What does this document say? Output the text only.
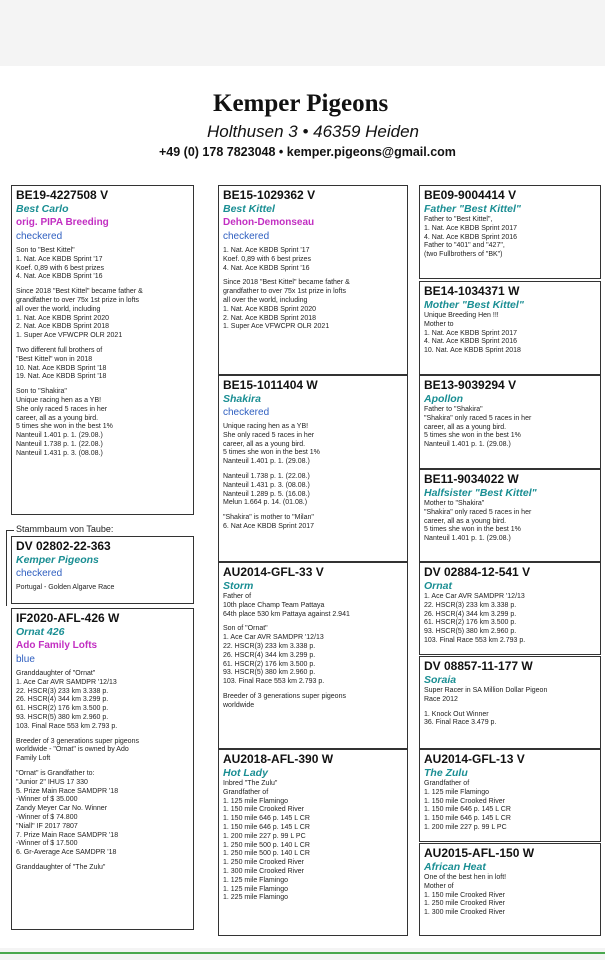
Kemper Pigeons
Holthusen 3 • 46359 Heiden
+49 (0) 178 7823048 • kemper.pigeons@gmail.com
BE19-4227508 V
Best Carlo
orig. PIPA Breeding
checkered
Son to "Best Kittel"
1. Nat. Ace KBDB Sprint '17
Koef. 0,89 with 6 best prizes
4. Nat. Ace KBDB Sprint '16
Since 2018 "Best Kittel" became father &
grandfather to over 75x 1st prize in lofts
all over the world, including
1. Nat. Ace KBDB Sprint 2020
2. Nat. Ace KBDB Sprint 2018
1. Super Ace VFWCPR OLR 2021
Two different full brothers of
"Best Kittel" won in 2018
10. Nat. Ace KBDB Sprint '18
19. Nat. Ace KBDB Sprint '18
Son to "Shakira"
Unique racing hen as a YB!
She only raced 5 races in her
career, all as a young bird.
5 times she won in the best 1%
Nanteuil 1.401 p. 1. (29.08.)
Nanteuil 1.738 p. 1. (22.08.)
Nanteuil 1.431 p. 3. (08.08.)
Stammbaum von Taube:
DV 02802-22-363
Kemper Pigeons
checkered
Portugal - Golden Algarve Race
IF2020-AFL-426 W
Ornat 426
Ado Family Lofts
blue
Granddaughter of "Ornat"
1. Ace Car AVR SAMDPR '12/13
22. HSCR(3) 233 km 3.338 p.
26. HSCR(4) 344 km 3.299 p.
61. HSCR(2) 176 km 3.500 p.
93. HSCR(5) 380 km 2.960 p.
103. Final Race 553 km 2.793 p.
Breeder of 3 generations super pigeons
worldwide - "Ornat" is owned by Ado
Family Loft
"Ornat" is Grandfather to:
"Junior 2" IHUS 17 330
5. Prize Main Race SAMDPR '18
-Winner of $ 35.000
Zandy Meyer Car No. Winner
-Winner of $ 74.800
"Niall" IF 2017 7807
7. Prize Main Race SAMDPR '18
-Winner of $ 17.500
6. Gr-Average Ace SAMDPR '18
Granddaughter of "The Zulu"
BE15-1029362 V
Best Kittel
Dehon-Demonseau
checkered
1. Nat. Ace KBDB Sprint '17
Koef. 0,89 with 6 best prizes
4. Nat. Ace KBDB Sprint '16
Since 2018 "Best Kittel" became father &
grandfather to over 75x 1st prize in lofts
all over the world, including
1. Nat. Ace KBDB Sprint 2020
2. Nat. Ace KBDB Sprint 2018
1. Super Ace VFWCPR OLR 2021
BE15-1011404 W
Shakira
checkered
Unique racing hen as a YB!
She only raced 5 races in her
career, all as a young bird.
5 times she won in the best 1%
Nanteuil 1.401 p. 1. (29.08.)
Nanteuil 1.738 p. 1. (22.08.)
Nanteuil 1.431 p. 3. (08.08.)
Nanteuil 1.289 p. 5. (16.08.)
Melun 1.664 p. 14. (01.08.)
"Shakira" is mother to "Milan"
6. Nat Ace KBDB Sprint 2017
AU2014-GFL-33 V
Storm
Father of
10th place Champ Team Pattaya
64th place 530 km Pattaya against 2.941
Son of "Ornat"
1. Ace Car AVR SAMDPR '12/13
22. HSCR(3) 233 km 3.338 p.
26. HSCR(4) 344 km 3.299 p.
61. HSCR(2) 176 km 3.500 p.
93. HSCR(5) 380 km 2.960 p.
103. Final Race 553 km 2.793 p.
Breeder of 3 generations super pigeons
worldwide
AU2018-AFL-390 W
Hot Lady
Inbred "The Zulu"
Grandfather of
1. 125 mile Flamingo
1. 150 mile Crooked River
1. 150 mile 646 p. 145 L CR
1. 150 mile 646 p. 145 L CR
1. 200 mile 227 p. 99 L PC
1. 250 mile 500 p. 140 L CR
1. 250 mile 500 p. 140 L CR
1. 250 mile Crooked River
1. 300 mile Crooked River
1. 125 mile Flamingo
1. 125 mile Flamingo
1. 225 mile Flamingo
BE09-9004414 V
Father "Best Kittel"
Father to "Best Kittel",
1. Nat. Ace KBDB Sprint 2017
4. Nat. Ace KBDB Sprint 2016
Father to "401" and "427",
(two Fullbrothers of "BK")
BE14-1034371 W
Mother "Best Kittel"
Unique Breeding Hen !!!
Mother to
1. Nat. Ace KBDB Sprint 2017
4. Nat. Ace KBDB Sprint 2016
10. Nat. Ace KBDB Sprint 2018
BE13-9039294 V
Apollon
Father to "Shakira"
"Shakira" only raced 5 races in her
career, all as a young bird.
5 times she won in the best 1%
Nanteuil 1.401 p. 1. (29.08.)
BE11-9034022 W
Halfsister "Best Kittel"
Mother to "Shakira"
"Shakira" only raced 5 races in her
career, all as a young bird.
5 times she won in the best 1%
Nanteuil 1.401 p. 1. (29.08.)
DV 02884-12-541 V
Ornat
1. Ace Car AVR SAMDPR '12/13
22. HSCR(3) 233 km 3.338 p.
26. HSCR(4) 344 km 3.299 p.
61. HSCR(2) 176 km 3.500 p.
93. HSCR(5) 380 km 2.960 p.
103. Final Race 553 km 2.793 p.
DV 08857-11-177 W
Soraia
Super Racer in SA Million Dollar Pigeon
Race 2012
1. Knock Out Winner
36. Final Race 3.479 p.
AU2014-GFL-13 V
The Zulu
Grandfather of
1. 125 mile Flamingo
1. 150 mile Crooked River
1. 150 mile 646 p. 145 L CR
1. 150 mile 646 p. 145 L CR
1. 200 mile 227 p. 99 L PC
AU2015-AFL-150 W
African Heat
One of the best hen in loft!
Mother of
1. 150 mile Crooked River
1. 250 mile Crooked River
1. 300 mile Crooked River
